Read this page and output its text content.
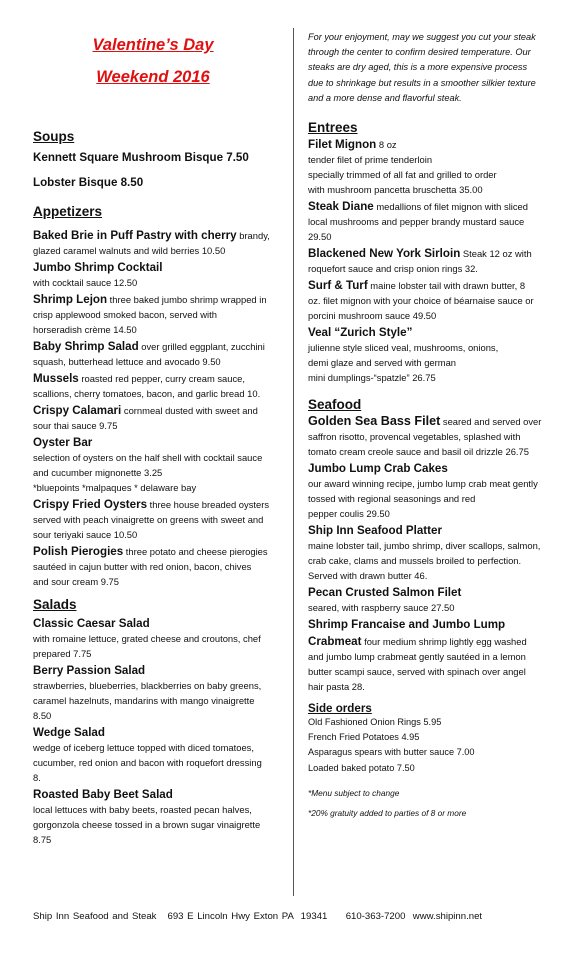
Valentine’s Day
Weekend 2016
Soups
Kennett Square Mushroom Bisque 7.50
Lobster Bisque 8.50
Appetizers
Baked Brie in Puff Pastry with cherry brandy,
glazed caramel walnuts and wild berries 10.50
Jumbo Shrimp Cocktail
with cocktail sauce 12.50
Shrimp Lejon three baked jumbo shrimp wrapped in
crisp applewood smoked bacon, served with
horseradish crème 14.50
Baby Shrimp Salad over grilled eggplant, zucchini
squash, butterhead lettuce and avocado 9.50
Mussels roasted red pepper, curry cream sauce,
scallions, cherry tomatoes, bacon, and garlic bread 10.
Crispy Calamari cornmeal dusted with sweet and
sour thai sauce 9.75
Oyster Bar
selection of oysters on the half shell with cocktail sauce
and cucumber mignonette 3.25
*bluepoints *malpaques * delaware bay
Crispy Fried Oysters three house breaded oysters
served with peach vinaigrette on greens with sweet and
sour teriyaki sauce 10.50
Polish Pierogies three potato and cheese pierogies
sautéed in cajun butter with red onion, bacon, chives
and sour cream 9.75
Salads
Classic Caesar Salad
with romaine lettuce, grated cheese and croutons, chef
prepared 7.75
Berry Passion Salad
strawberries, blueberries, blackberries on baby greens,
caramel hazelnuts, mandarins with mango vinaigrette
8.50
Wedge Salad
wedge of iceberg lettuce topped with diced tomatoes,
cucumber, red onion and bacon with roquefort dressing
8.
Roasted Baby Beet Salad
local lettuces with baby beets, roasted pecan halves,
gorgonzola cheese tossed in a brown sugar vinaigrette
8.75
For your enjoyment, may we suggest you cut your steak
through the center to confirm desired temperature. Our
steaks are dry aged, this is a more expensive process
due to shrinkage but results in a smoother silkier texture
and a more dense and flavorful steak.
Entrees
Filet Mignon 8 oz
tender filet of prime tenderloin
specially trimmed of all fat and grilled to order
with mushroom pancetta bruschetta 35.00
Steak Diane medallions of filet mignon with sliced
local mushrooms and pepper brandy mustard sauce
29.50
Blackened New York Sirloin Steak 12 oz with
roquefort sauce and crisp onion rings 32.
Surf & Turf maine lobster tail with drawn butter, 8
oz. filet mignon with your choice of béarnaise sauce or
porcini mushroom sauce 49.50
Veal “Zurich Style”
julienne style sliced veal, mushrooms, onions,
demi glaze and served with german
mini dumplings-“spatzle” 26.75
Seafood
Golden Sea Bass Filet seared and served over
saffron risotto, provencal vegetables, splashed with
tomato cream creole sauce and basil oil drizzle 26.75
Jumbo Lump Crab Cakes
our award winning recipe, jumbo lump crab meat gently
tossed with regional seasonings and red
pepper coulis 29.50
Ship Inn Seafood Platter
maine lobster tail, jumbo shrimp, diver scallops, salmon,
crab cake, clams and mussels broiled to perfection.
Served with drawn butter 46.
Pecan Crusted Salmon Filet
seared, with raspberry sauce 27.50
Shrimp Francaise and Jumbo Lump
Crabmeat four medium shrimp lightly egg washed
and jumbo lump crabmeat gently sautéed in a lemon
butter scampi sauce, served with spinach over angel
hair pasta 28.
Side orders
Old Fashioned Onion Rings 5.95
French Fried Potatoes 4.95
Asparagus spears with butter sauce 7.00
Loaded baked potato 7.50
*Menu subject to change
*20% gratuity added to parties of 8 or more
Ship Inn Seafood and Steak   693 E Lincoln Hwy Exton PA  19341     610-363-7200  www.shipinn.net
